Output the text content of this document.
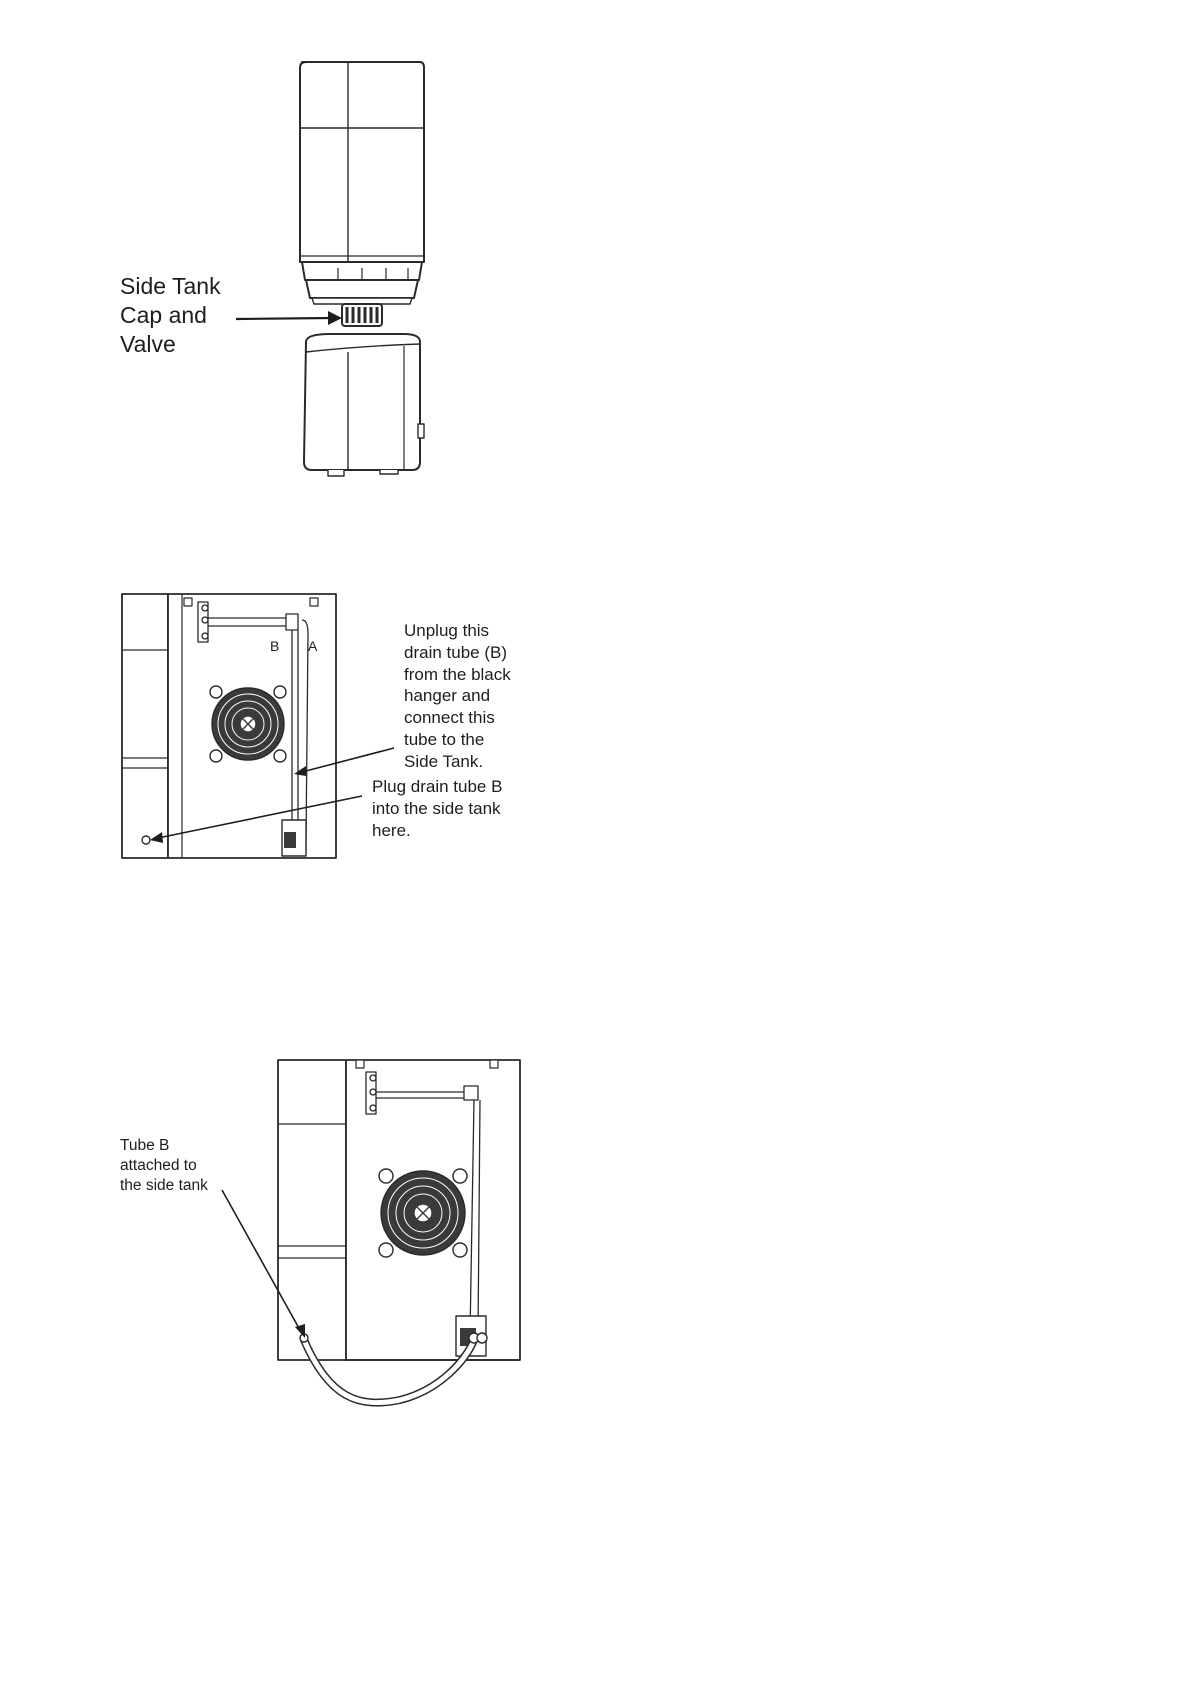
Side Tank
Cap and
Valve

B A

Unplug this
drain tube (B)
from the black
hanger and
connect this
tube to the
Side Tank.

Plug drain tube B
into the side tank
here.

Tube B
attached to
the side tank
